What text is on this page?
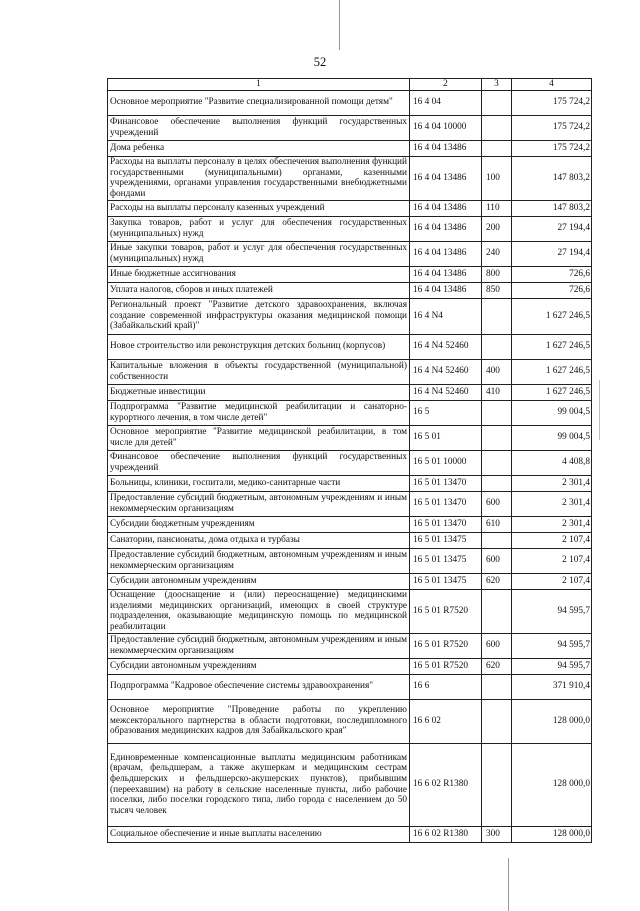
52
1	2	3	4
Основное мероприятие "Развитие специализированной помощи детям"	16 4 04		175 724,2
Финансовое обеспечение выполнения функций государственных учреждений	16 4 04 10000		175 724,2
Дома ребенка	16 4 04 13486		175 724,2
Расходы на выплаты персоналу в целях обеспечения выполнения функций государственными (муниципальными) органами, казенными учреждениями, органами управления государственными внебюджетными фондами	16 4 04 13486	100	147 803,2
Расходы на выплаты персоналу казенных учреждений	16 4 04 13486	110	147 803,2
Закупка товаров, работ и услуг для обеспечения государственных (муниципальных) нужд	16 4 04 13486	200	27 194,4
Иные закупки товаров, работ и услуг для обеспечения государственных (муниципальных) нужд	16 4 04 13486	240	27 194,4
Иные бюджетные ассигнования	16 4 04 13486	800	726,6
Уплата налогов, сборов и иных платежей	16 4 04 13486	850	726,6
Региональный проект "Развитие детского здравоохранения, включая создание современной инфраструктуры оказания медицинской помощи (Забайкальский край)"	16 4 N4		1 627 246,5
Новое строительство или реконструкция детских больниц (корпусов)	16 4 N4 52460		1 627 246,5
Капитальные вложения в объекты государственной (муниципальной) собственности	16 4 N4 52460	400	1 627 246,5
Бюджетные инвестиции	16 4 N4 52460	410	1 627 246,5
Подпрограмма "Развитие медицинской реабилитации и санаторно-курортного лечения, в том числе детей"	16 5		99 004,5
Основное мероприятие "Развитие медицинской реабилитации, в том числе для детей"	16 5 01		99 004,5
Финансовое обеспечение выполнения функций государственных учреждений	16 5 01 10000		4 408,8
Больницы, клиники, госпитали, медико-санитарные части	16 5 01 13470		2 301,4
Предоставление субсидий бюджетным, автономным учреждениям и иным некоммерческим организациям	16 5 01 13470	600	2 301,4
Субсидии бюджетным учреждениям	16 5 01 13470	610	2 301,4
Санатории, пансионаты, дома отдыха и турбазы	16 5 01 13475		2 107,4
Предоставление субсидий бюджетным, автономным учреждениям и иным некоммерческим организациям	16 5 01 13475	600	2 107,4
Субсидии автономным учреждениям	16 5 01 13475	620	2 107,4
Оснащение (дооснащение и (или) переоснащение) медицинскими изделиями медицинских организаций, имеющих в своей структуре подразделения, оказывающие медицинскую помощь по медицинской реабилитации	16 5 01 R7520		94 595,7
Предоставление субсидий бюджетным, автономным учреждениям и иным некоммерческим организациям	16 5 01 R7520	600	94 595,7
Субсидии автономным учреждениям	16 5 01 R7520	620	94 595,7
Подпрограмма "Кадровое обеспечение системы здравоохранения"	16 6		371 910,4
Основное мероприятие "Проведение работы по укреплению межсекторального партнерства в области подготовки, последипломного образования медицинских кадров для Забайкальского края"	16 6 02		128 000,0
Единовременные компенсационные выплаты медицинским работникам (врачам, фельдшерам, а также акушеркам и медицинским сестрам фельдшерских и фельдшерско-акушерских пунктов), прибывшим (переехавшим) на работу в сельские населенные пункты, либо рабочие поселки, либо поселки городского типа, либо города с населением до 50 тысяч человек	16 6 02 R1380		128 000,0
Социальное обеспечение и иные выплаты населению	16 6 02 R1380	300	128 000,0
